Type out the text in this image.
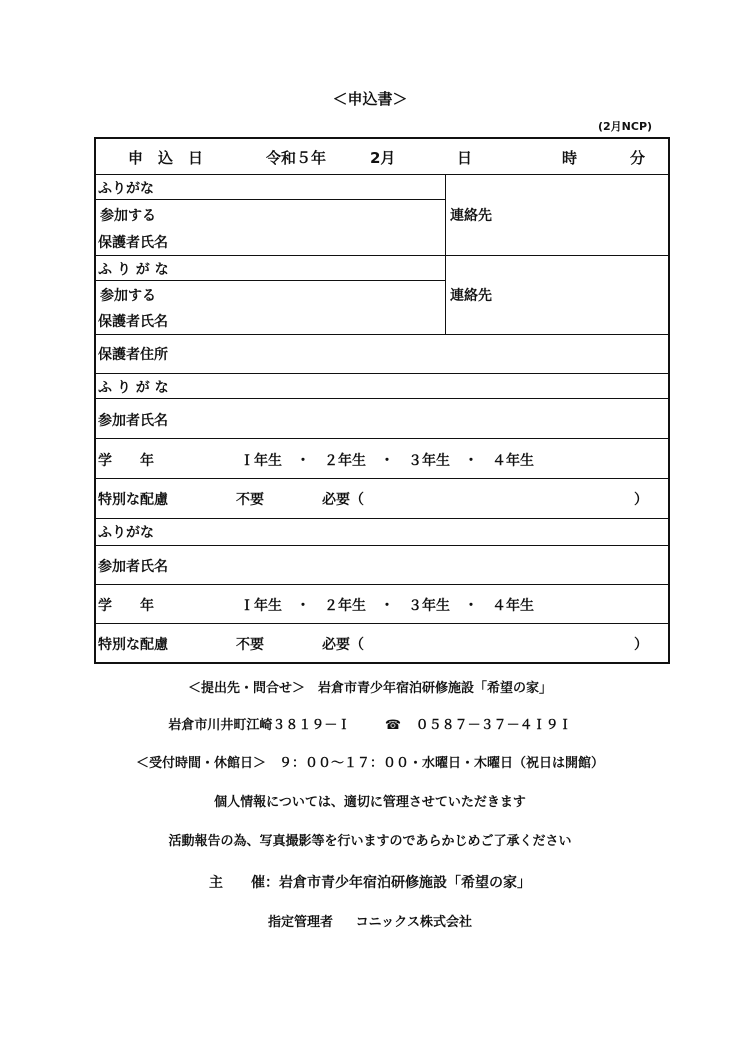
＜申込書＞
(2月NCP)
申　込　日	令和５年	2月	日	時	分
ふりがな
参加する
保護者氏名
連絡先
ふ り が な
参加する
保護者氏名
連絡先
保護者住所
ふ り が な
参加者氏名
学　　年	Ｉ年生　・　２年生　・　３年生　・　４年生
特別な配慮	不要	必要（	）
ふりがな
参加者氏名
学　　年	Ｉ年生　・　２年生　・　３年生　・　４年生
特別な配慮	不要	必要（	）
＜提出先・問合せ＞　岩倉市青少年宿泊研修施設「希望の家」
岩倉市川井町江崎３８１９－Ｉ	☎ ０５８７－３７－４Ｉ９Ｉ
＜受付時間・休館日＞　９：００～１７：００・水曜日・木曜日（祝日は開館）
個人情報については、適切に管理させていただきます
活動報告の為、写真撮影等を行いますのであらかじめご了承ください
主　　催：岩倉市青少年宿泊研修施設「希望の家」
指定管理者 コニックス株式会社
